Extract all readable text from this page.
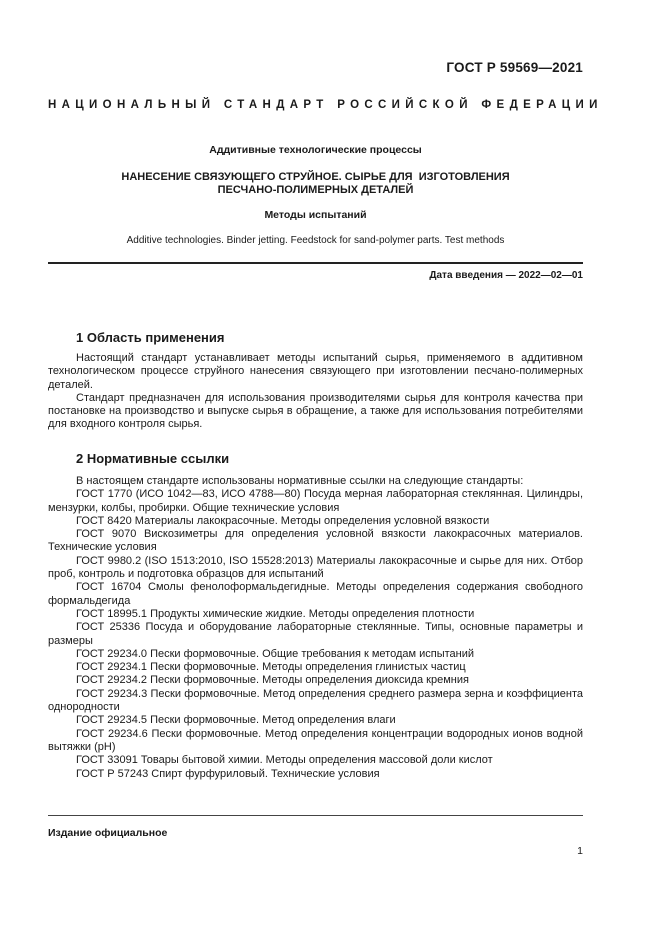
ГОСТ Р 59569—2021
НАЦИОНАЛЬНЫЙ СТАНДАРТ РОССИЙСКОЙ ФЕДЕРАЦИИ
Аддитивные технологические процессы
НАНЕСЕНИЕ СВЯЗУЮЩЕГО СТРУЙНОЕ. СЫРЬЕ ДЛЯ  ИЗГОТОВЛЕНИЯ
ПЕСЧАНО-ПОЛИМЕРНЫХ ДЕТАЛЕЙ
Методы испытаний
Additive technologies. Binder jetting. Feedstock for sand-polymer parts. Test methods
Дата введения — 2022—02—01
1 Область применения

Настоящий стандарт устанавливает методы испытаний сырья, применяемого в аддитивном технологическом процессе струйного нанесения связующего при изготовлении песчано-полимерных деталей.

Стандарт предназначен для использования производителями сырья для контроля качества при постановке на производство и выпуске сырья в обращение, а также для использования потребителями для входного контроля сырья.

2 Нормативные ссылки

В настоящем стандарте использованы нормативные ссылки на следующие стандарты:

ГОСТ 1770 (ИСО 1042—83, ИСО 4788—80) Посуда мерная лабораторная стеклянная. Цилиндры, мензурки, колбы, пробирки. Общие технические условия

ГОСТ 8420 Материалы лакокрасочные. Методы определения условной вязкости

ГОСТ 9070 Вискозиметры для определения условной вязкости лакокрасочных материалов. Технические условия

ГОСТ 9980.2 (ISO 1513:2010, ISO 15528:2013) Материалы лакокрасочные и сырье для них. Отбор проб, контроль и подготовка образцов для испытаний

ГОСТ 16704 Смолы фенолоформальдегидные. Методы определения содержания свободного формальдегида

ГОСТ 18995.1 Продукты химические жидкие. Методы определения плотности

ГОСТ 25336 Посуда и оборудование лабораторные стеклянные. Типы, основные параметры и размеры

ГОСТ 29234.0 Пески формовочные. Общие требования к методам испытаний

ГОСТ 29234.1 Пески формовочные. Методы определения глинистых частиц

ГОСТ 29234.2 Пески формовочные. Методы определения диоксида кремния

ГОСТ 29234.3 Пески формовочные. Метод определения среднего размера зерна и коэффициента однородности

ГОСТ 29234.5 Пески формовочные. Метод определения влаги

ГОСТ 29234.6 Пески формовочные. Метод определения концентрации водородных ионов водной вытяжки (рН)

ГОСТ 33091 Товары бытовой химии. Методы определения массовой доли кислот

ГОСТ Р 57243 Спирт фурфуриловый. Технические условия

Издание официальное
1
